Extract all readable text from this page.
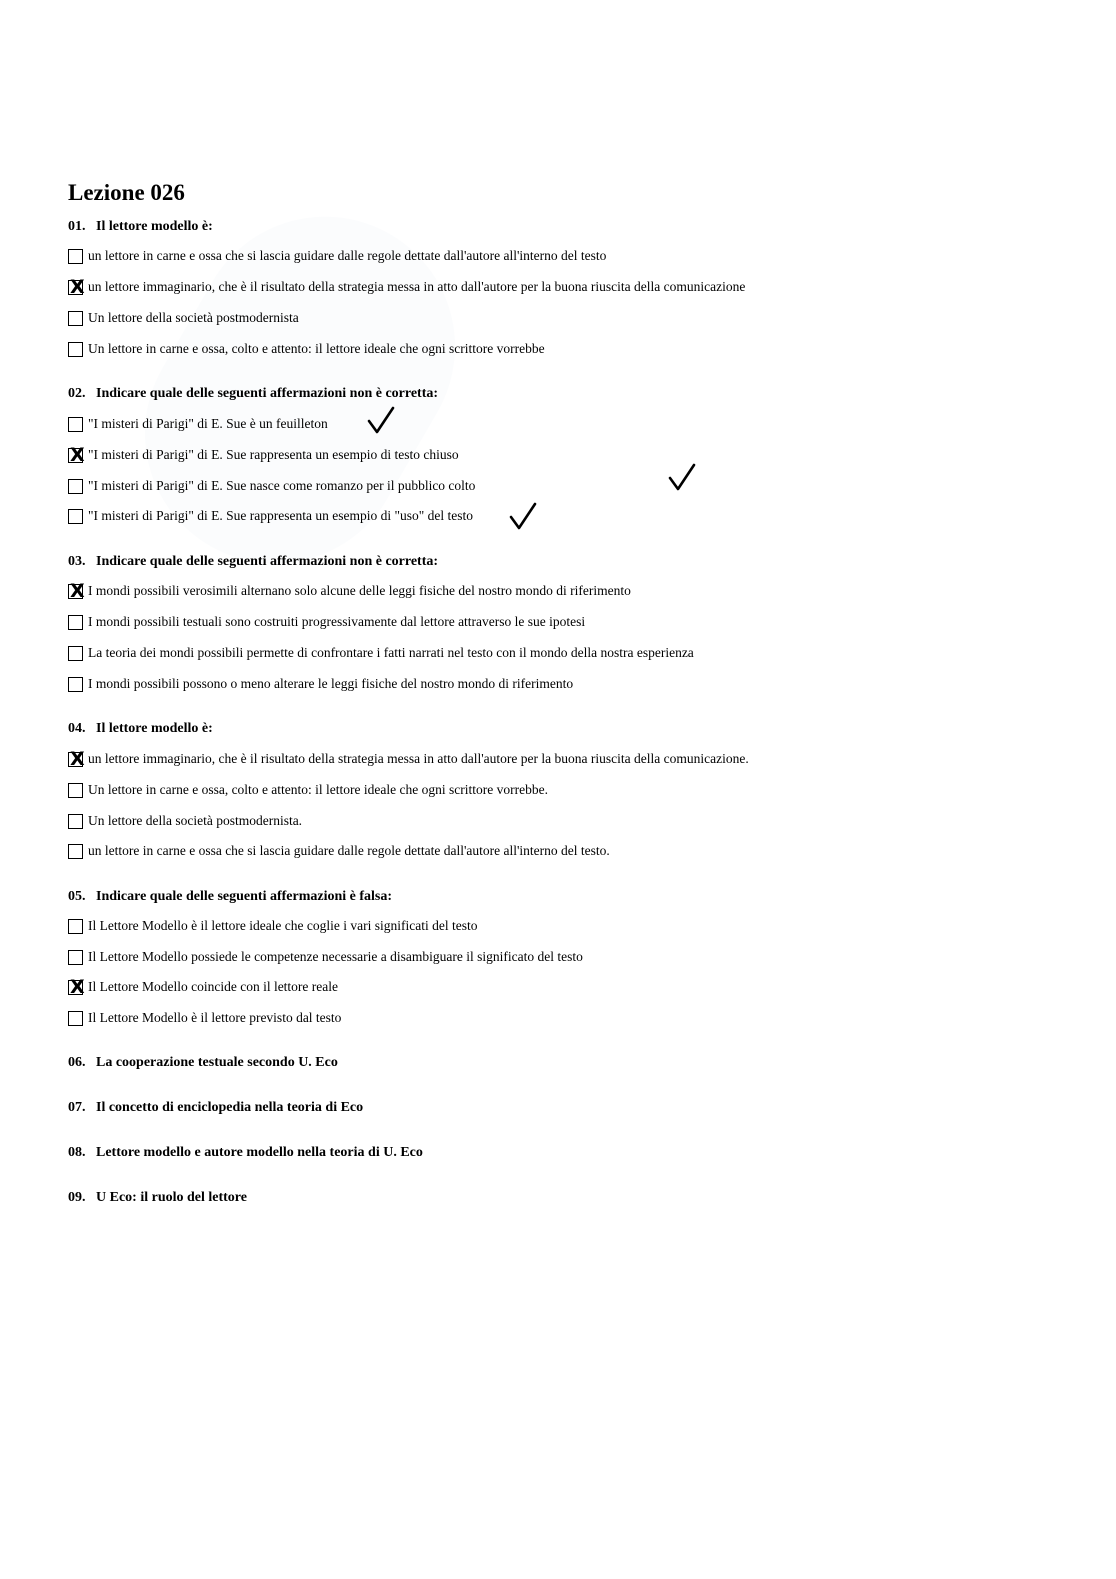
Lezione 026
01. Il lettore modello è:
un lettore in carne e ossa che si lascia guidare dalle regole dettate dall'autore all'interno del testo
X un lettore immaginario, che è il risultato della strategia messa in atto dall'autore per la buona riuscita della comunicazione
Un lettore della società postmodernista
Un lettore in carne e ossa, colto e attento: il lettore ideale che ogni scrittore vorrebbe
02. Indicare quale delle seguenti affermazioni non è corretta:
"I misteri di Parigi" di E. Sue è un feuilleton
X "I misteri di Parigi" di E. Sue rappresenta un esempio di testo chiuso
"I misteri di Parigi" di E. Sue nasce come romanzo per il pubblico colto
"I misteri di Parigi" di E. Sue rappresenta un esempio di "uso" del testo
03. Indicare quale delle seguenti affermazioni non è corretta:
X I mondi possibili verosimili alternano solo alcune delle leggi fisiche del nostro mondo di riferimento
I mondi possibili testuali sono costruiti progressivamente dal lettore attraverso le sue ipotesi
La teoria dei mondi possibili permette di confrontare i fatti narrati nel testo con il mondo della nostra esperienza
I mondi possibili possono o meno alterare le leggi fisiche del nostro mondo di riferimento
04. Il lettore modello è:
X un lettore immaginario, che è il risultato della strategia messa in atto dall'autore per la buona riuscita della comunicazione.
Un lettore in carne e ossa, colto e attento: il lettore ideale che ogni scrittore vorrebbe.
Un lettore della società postmodernista.
un lettore in carne e ossa che si lascia guidare dalle regole dettate dall'autore all'interno del testo.
05. Indicare quale delle seguenti affermazioni è falsa:
Il Lettore Modello è il lettore ideale che coglie i vari significati del testo
Il Lettore Modello possiede le competenze necessarie a disambiguare il significato del testo
X Il Lettore Modello coincide con il lettore reale
Il Lettore Modello è il lettore previsto dal testo
06. La cooperazione testuale secondo U. Eco
07. Il concetto di enciclopedia nella teoria di Eco
08. Lettore modello e autore modello nella teoria di U. Eco
09. U Eco: il ruolo del lettore
